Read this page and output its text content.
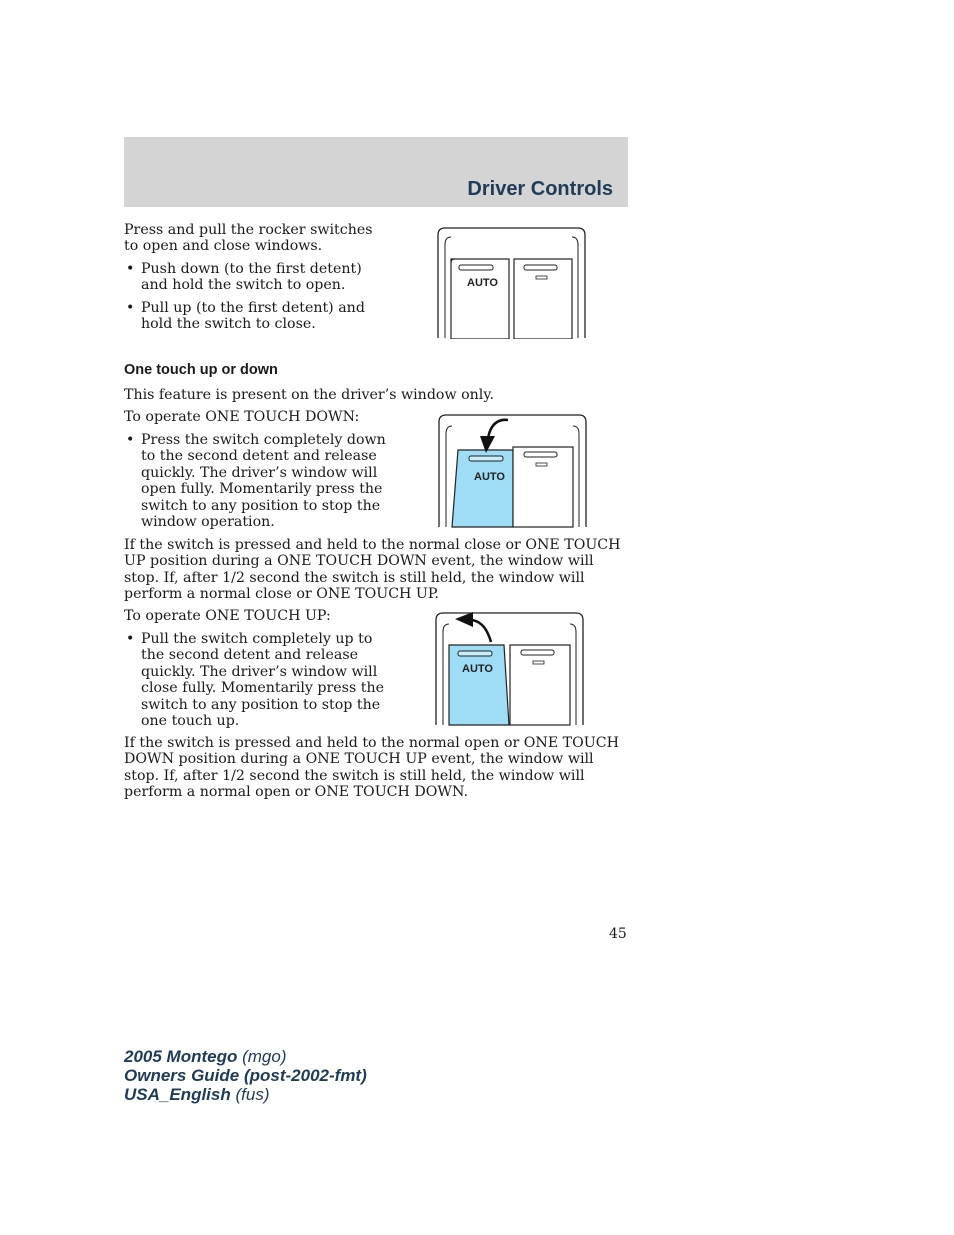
Driver Controls

Press and pull the rocker switches to open and close windows.

• Push down (to the first detent) and hold the switch to open.
• Pull up (to the first detent) and hold the switch to close.
AUTO
One touch up or down

This feature is present on the driver’s window only.

To operate ONE TOUCH DOWN:

• Press the switch completely down to the second detent and release quickly. The driver’s window will open fully. Momentarily press the switch to any position to stop the window operation.
AUTO

If the switch is pressed and held to the normal close or ONE TOUCH UP position during a ONE TOUCH DOWN event, the window will stop. If, after 1/2 second the switch is still held, the window will perform a normal close or ONE TOUCH UP.

To operate ONE TOUCH UP:

• Pull the switch completely up to the second detent and release quickly. The driver’s window will close fully. Momentarily press the switch to any position to stop the one touch up.
AUTO

If the switch is pressed and held to the normal open or ONE TOUCH DOWN position during a ONE TOUCH UP event, the window will stop. If, after 1/2 second the switch is still held, the window will perform a normal open or ONE TOUCH DOWN.

45
2005 Montego (mgo)
Owners Guide (post-2002-fmt)
USA_English (fus)
